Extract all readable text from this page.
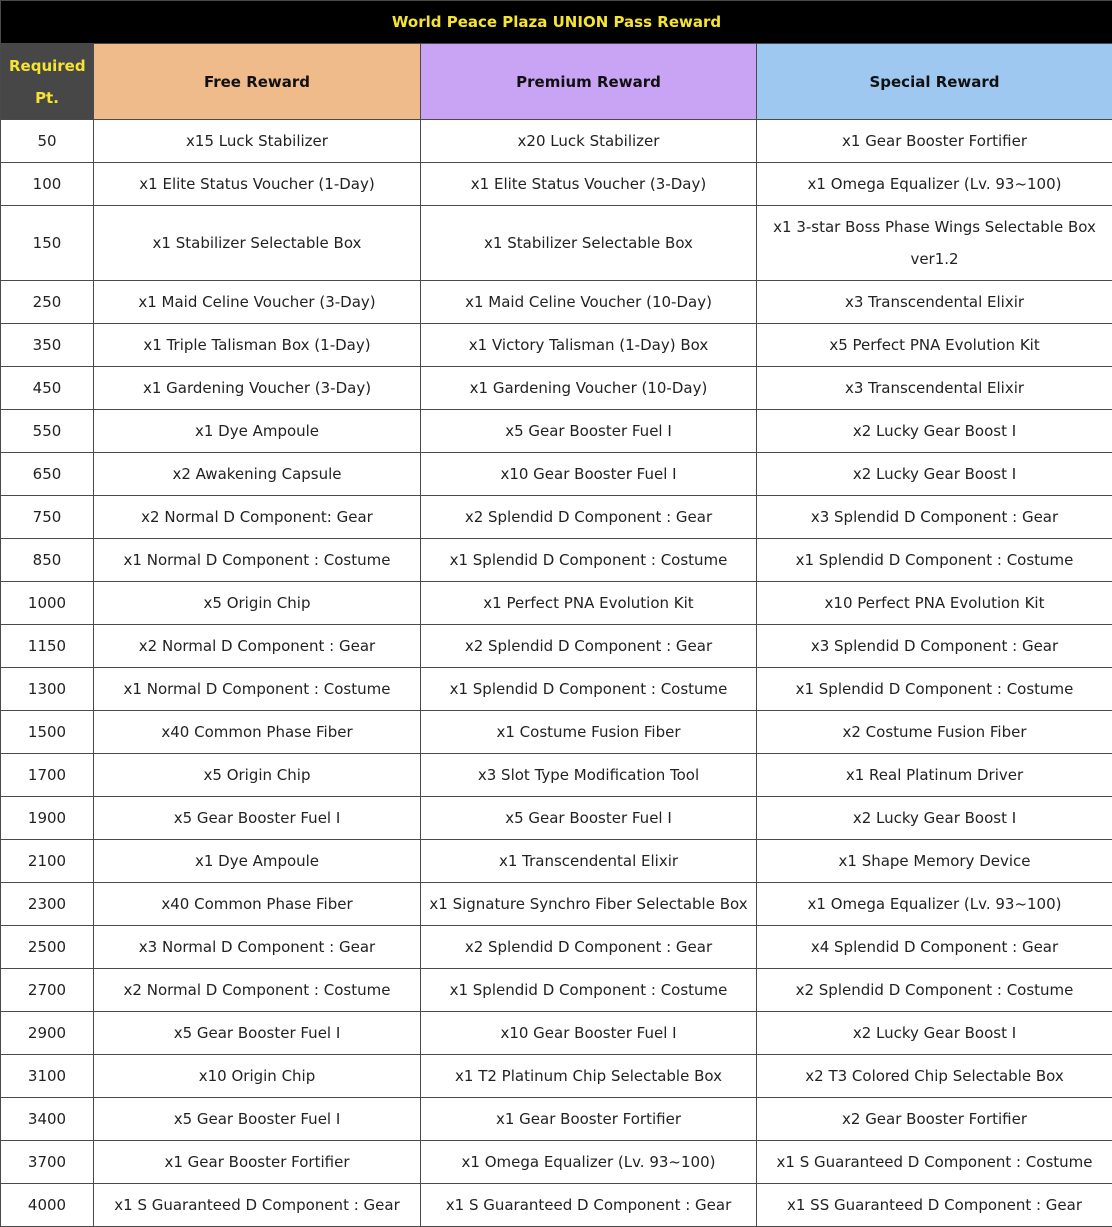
World Peace Plaza UNION Pass Reward			
Required Pt.	Free Reward	Premium Reward	Special Reward
50	x15 Luck Stabilizer	x20 Luck Stabilizer	x1 Gear Booster Fortifier
100	x1 Elite Status Voucher (1-Day)	x1 Elite Status Voucher (3-Day)	x1 Omega Equalizer (Lv. 93~100)
150	x1 Stabilizer Selectable Box	x1 Stabilizer Selectable Box	x1 3-star Boss Phase Wings Selectable Box ver1.2
250	x1 Maid Celine Voucher (3-Day)	x1 Maid Celine Voucher (10-Day)	x3 Transcendental Elixir
350	x1 Triple Talisman Box (1-Day)	x1 Victory Talisman (1-Day) Box	x5 Perfect PNA Evolution Kit
450	x1 Gardening Voucher (3-Day)	x1 Gardening Voucher (10-Day)	x3 Transcendental Elixir
550	x1 Dye Ampoule	x5 Gear Booster Fuel I	x2 Lucky Gear Boost I
650	x2 Awakening Capsule	x10 Gear Booster Fuel I	x2 Lucky Gear Boost I
750	x2 Normal D Component: Gear	x2 Splendid D Component : Gear	x3 Splendid D Component : Gear
850	x1 Normal D Component : Costume	x1 Splendid D Component : Costume	x1 Splendid D Component : Costume
1000	x5 Origin Chip	x1 Perfect PNA Evolution Kit	x10 Perfect PNA Evolution Kit
1150	x2 Normal D Component : Gear	x2 Splendid D Component : Gear	x3 Splendid D Component : Gear
1300	x1 Normal D Component : Costume	x1 Splendid D Component : Costume	x1 Splendid D Component : Costume
1500	x40 Common Phase Fiber	x1 Costume Fusion Fiber	x2 Costume Fusion Fiber
1700	x5 Origin Chip	x3 Slot Type Modification Tool	x1 Real Platinum Driver
1900	x5 Gear Booster Fuel I	x5 Gear Booster Fuel I	x2 Lucky Gear Boost I
2100	x1 Dye Ampoule	x1 Transcendental Elixir	x1 Shape Memory Device
2300	x40 Common Phase Fiber	x1 Signature Synchro Fiber Selectable Box	x1 Omega Equalizer (Lv. 93~100)
2500	x3 Normal D Component : Gear	x2 Splendid D Component : Gear	x4 Splendid D Component : Gear
2700	x2 Normal D Component : Costume	x1 Splendid D Component : Costume	x2 Splendid D Component : Costume
2900	x5 Gear Booster Fuel I	x10 Gear Booster Fuel I	x2 Lucky Gear Boost I
3100	x10 Origin Chip	x1 T2 Platinum Chip Selectable Box	x2 T3 Colored Chip Selectable Box
3400	x5 Gear Booster Fuel I	x1 Gear Booster Fortifier	x2 Gear Booster Fortifier
3700	x1 Gear Booster Fortifier	x1 Omega Equalizer (Lv. 93~100)	x1 S Guaranteed D Component : Costume
4000	x1 S Guaranteed D Component : Gear	x1 S Guaranteed D Component : Gear	x1 SS Guaranteed D Component : Gear
